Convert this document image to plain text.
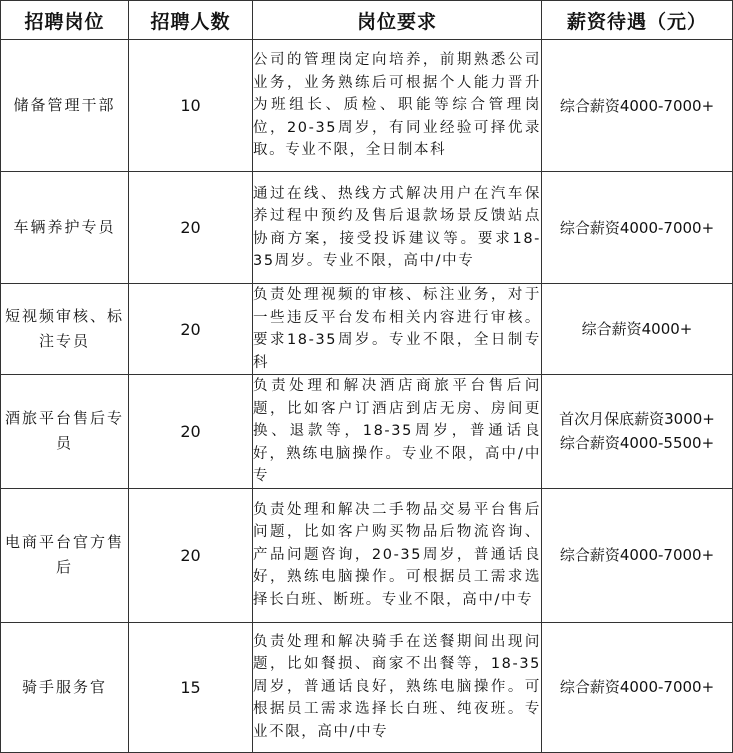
招聘岗位	招聘人数	岗位要求	薪资待遇（元）
储备管理干部	10	公司的管理岗定向培养，前期熟悉公司业务，业务熟练后可根据个人能力晋升为班组长、质检、职能等综合管理岗位，20-35周岁，有同业经验可择优录取。专业不限，全日制本科	综合薪资4000-7000+

车辆养护专员	20	通过在线、热线方式解决用户在汽车保养过程中预约及售后退款场景反馈站点协商方案，接受投诉建议等。要求18-35周岁。专业不限，高中/中专	综合薪资4000-7000+

短视频审核、标注专员	20	负责处理视频的审核、标注业务，对于一些违反平台发布相关内容进行审核。要求18-35周岁。专业不限，全日制专科	综合薪资4000+

酒旅平台售后专员	20	负责处理和解决酒店商旅平台售后问题，比如客户订酒店到店无房、房间更换、退款等，18-35周岁，普通话良好，熟练电脑操作。专业不限，高中/中专	首次月保底薪资3000+
综合薪资4000-5500+

电商平台官方售后	20	负责处理和解决二手物品交易平台售后问题，比如客户购买物品后物流咨询、产品问题咨询，20-35周岁，普通话良好，熟练电脑操作。可根据员工需求选择长白班、断班。专业不限，高中/中专	综合薪资4000-7000+

骑手服务官	15	负责处理和解决骑手在送餐期间出现问题，比如餐损、商家不出餐等，18-35周岁，普通话良好，熟练电脑操作。可根据员工需求选择长白班、纯夜班。专业不限，高中/中专	综合薪资4000-7000+
